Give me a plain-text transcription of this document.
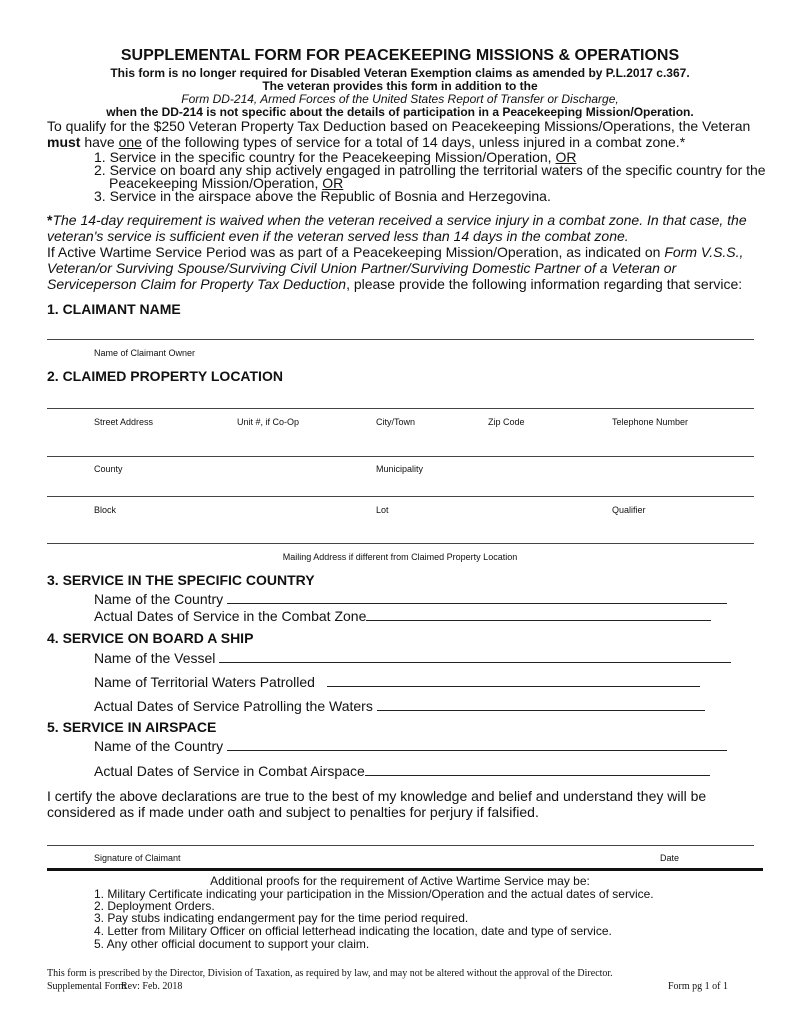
SUPPLEMENTAL FORM FOR PEACEKEEPING MISSIONS & OPERATIONS
This form is no longer required for Disabled Veteran Exemption claims as amended by P.L.2017 c.367.
The veteran provides this form in addition to the
Form DD-214, Armed Forces of the United States Report of Transfer or Discharge,
when the DD-214 is not specific about the details of participation in a Peacekeeping Mission/Operation.
To qualify for the $250 Veteran Property Tax Deduction based on Peacekeeping Missions/Operations, the Veteran
must have one of the following types of service for a total of 14 days, unless injured in a combat zone.*
1. Service in the specific country for the Peacekeeping Mission/Operation, OR
2. Service on board any ship actively engaged in patrolling the territorial waters of the specific country for the
Peacekeeping Mission/Operation, OR
3. Service in the airspace above the Republic of Bosnia and Herzegovina.
*The 14-day requirement is waived when the veteran received a service injury in a combat zone. In that case, the
veteran's service is sufficient even if the veteran served less than 14 days in the combat zone.
If Active Wartime Service Period was as part of a Peacekeeping Mission/Operation, as indicated on Form V.S.S.,
Veteran/or Surviving Spouse/Surviving Civil Union Partner/Surviving Domestic Partner of a Veteran or
Serviceperson Claim for Property Tax Deduction, please provide the following information regarding that service:
1. CLAIMANT NAME
Name of Claimant Owner
2. CLAIMED PROPERTY LOCATION
Street Address	Unit #, if Co-Op	City/Town	Zip Code	Telephone Number
County	Municipality
Block	Lot	Qualifier
Mailing Address if different from Claimed Property Location
3. SERVICE IN THE SPECIFIC COUNTRY
Name of the Country
Actual Dates of Service in the Combat Zone
4. SERVICE ON BOARD A SHIP
Name of the Vessel
Name of Territorial Waters Patrolled
Actual Dates of Service Patrolling the Waters
5. SERVICE IN AIRSPACE
Name of the Country
Actual Dates of Service in Combat Airspace
I certify the above declarations are true to the best of my knowledge and belief and understand they will be
considered as if made under oath and subject to penalties for perjury if falsified.
Signature of Claimant	Date
Additional proofs for the requirement of Active Wartime Service may be:
1. Military Certificate indicating your participation in the Mission/Operation and the actual dates of service.
2. Deployment Orders.
3. Pay stubs indicating endangerment pay for the time period required.
4. Letter from Military Officer on official letterhead indicating the location, date and type of service.
5. Any other official document to support your claim.
This form is prescribed by the Director, Division of Taxation, as required by law, and may not be altered without the approval of the Director.
Supplemental Form
Rev: Feb. 2018	Form pg 1 of 1
